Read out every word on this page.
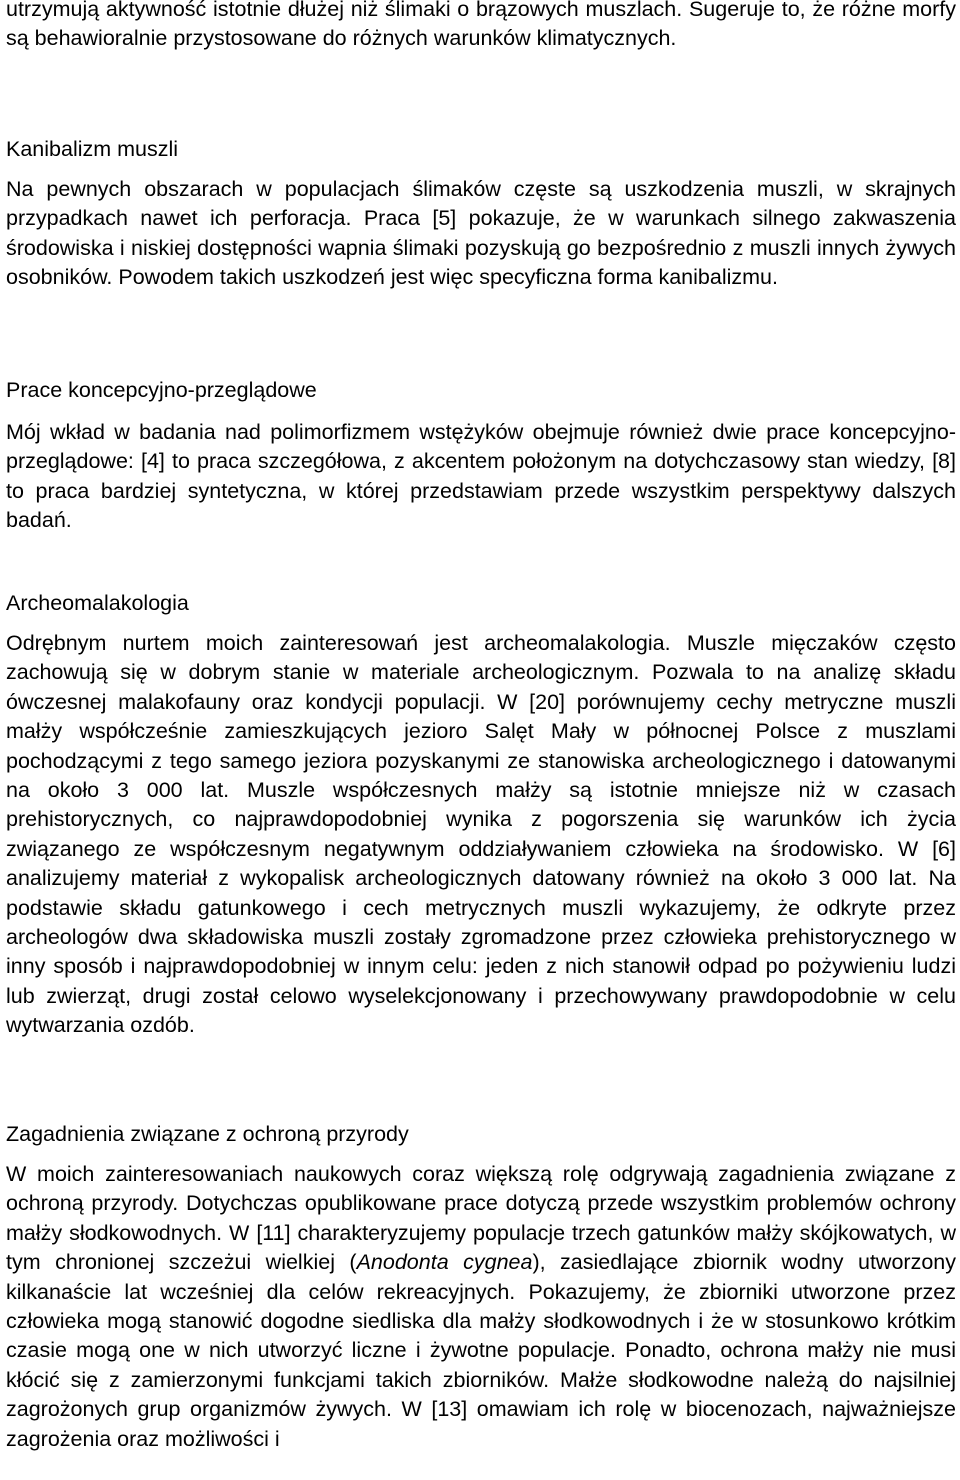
utrzymują aktywność istotnie dłużej niż ślimaki o brązowych muszlach. Sugeruje to, że różne morfy są behawioralnie przystosowane do różnych warunków klimatycznych.

Kanibalizm muszli

Na pewnych obszarach w populacjach ślimaków częste są uszkodzenia muszli, w skrajnych przypadkach nawet ich perforacja. Praca [5] pokazuje, że w warunkach silnego zakwaszenia środowiska i niskiej dostępności wapnia ślimaki pozyskują go bezpośrednio z muszli innych żywych osobników. Powodem takich uszkodzeń jest więc specyficzna forma kanibalizmu.

Prace koncepcyjno-przeglądowe

Mój wkład w badania nad polimorfizmem wstężyków obejmuje również dwie prace koncepcyjno-przeglądowe: [4] to praca szczegółowa, z akcentem położonym na dotychczasowy stan wiedzy, [8] to praca bardziej syntetyczna, w której przedstawiam przede wszystkim perspektywy dalszych badań.

Archeomalakologia

Odrębnym nurtem moich zainteresowań jest archeomalakologia. Muszle mięczaków często zachowują się w dobrym stanie w materiale archeologicznym. Pozwala to na analizę składu ówczesnej malakofauny oraz kondycji populacji. W [20] porównujemy cechy metryczne muszli małży współcześnie zamieszkujących jezioro Salęt Mały w północnej Polsce z muszlami pochodzącymi z tego samego jeziora pozyskanymi ze stanowiska archeologicznego i datowanymi na około 3 000 lat. Muszle współczesnych małży są istotnie mniejsze niż w czasach prehistorycznych, co najprawdopodobniej wynika z pogorszenia się warunków ich życia związanego ze współczesnym negatywnym oddziaływaniem człowieka na środowisko. W [6] analizujemy materiał z wykopalisk archeologicznych datowany również na około 3 000 lat. Na podstawie składu gatunkowego i cech metrycznych muszli wykazujemy, że odkryte przez archeologów dwa składowiska muszli zostały zgromadzone przez człowieka prehistorycznego w inny sposób i najprawdopodobniej w innym celu: jeden z nich stanowił odpad po pożywieniu ludzi lub zwierząt, drugi został celowo wyselekcjonowany i przechowywany prawdopodobnie w celu wytwarzania ozdób.

Zagadnienia związane z ochroną przyrody

W moich zainteresowaniach naukowych coraz większą rolę odgrywają zagadnienia związane z ochroną przyrody. Dotychczas opublikowane prace dotyczą przede wszystkim problemów ochrony małży słodkowodnych. W [11] charakteryzujemy populacje trzech gatunków małży skójkowatych, w tym chronionej szczeżui wielkiej (Anodonta cygnea), zasiedlające zbiornik wodny utworzony kilkanaście lat wcześniej dla celów rekreacyjnych. Pokazujemy, że zbiorniki utworzone przez człowieka mogą stanowić dogodne siedliska dla małży słodkowodnych i że w stosunkowo krótkim czasie mogą one w nich utworzyć liczne i żywotne populacje. Ponadto, ochrona małży nie musi kłócić się z zamierzonymi funkcjami takich zbiorników. Małże słodkowodne należą do najsilniej zagrożonych grup organizmów żywych. W [13] omawiam ich rolę w biocenozach, najważniejsze zagrożenia oraz możliwości i
